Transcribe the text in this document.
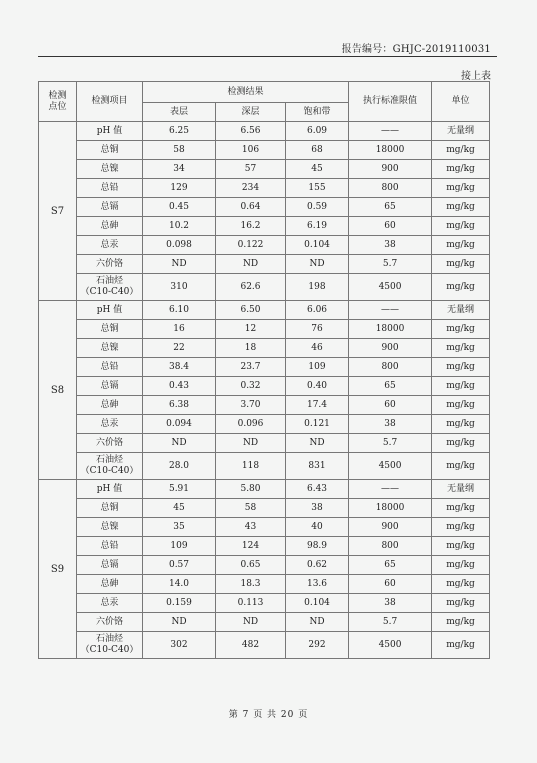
报告编号：GHJC-2019110031
接上表
检测
点位	检测项目	检测结果			执行标准限值	单位
		表层	深层	饱和带		
S7	pH 值	6.25	6.56	6.09	——	无量纲
	总铜	58	106	68	18000	mg/kg
	总镍	34	57	45	900	mg/kg
	总铅	129	234	155	800	mg/kg
	总镉	0.45	0.64	0.59	65	mg/kg
	总砷	10.2	16.2	6.19	60	mg/kg
	总汞	0.098	0.122	0.104	38	mg/kg
	六价铬	ND	ND	ND	5.7	mg/kg
	石油烃
（C10-C40）	310	62.6	198	4500	mg/kg
S8	pH 值	6.10	6.50	6.06	——	无量纲
	总铜	16	12	76	18000	mg/kg
	总镍	22	18	46	900	mg/kg
	总铅	38.4	23.7	109	800	mg/kg
	总镉	0.43	0.32	0.40	65	mg/kg
	总砷	6.38	3.70	17.4	60	mg/kg
	总汞	0.094	0.096	0.121	38	mg/kg
	六价铬	ND	ND	ND	5.7	mg/kg
	石油烃
（C10-C40）	28.0	118	831	4500	mg/kg
S9	pH 值	5.91	5.80	6.43	——	无量纲
	总铜	45	58	38	18000	mg/kg
	总镍	35	43	40	900	mg/kg
	总铅	109	124	98.9	800	mg/kg
	总镉	0.57	0.65	0.62	65	mg/kg
	总砷	14.0	18.3	13.6	60	mg/kg
	总汞	0.159	0.113	0.104	38	mg/kg
	六价铬	ND	ND	ND	5.7	mg/kg
	石油烃
（C10-C40）	302	482	292	4500	mg/kg
第 7 页 共 20 页
